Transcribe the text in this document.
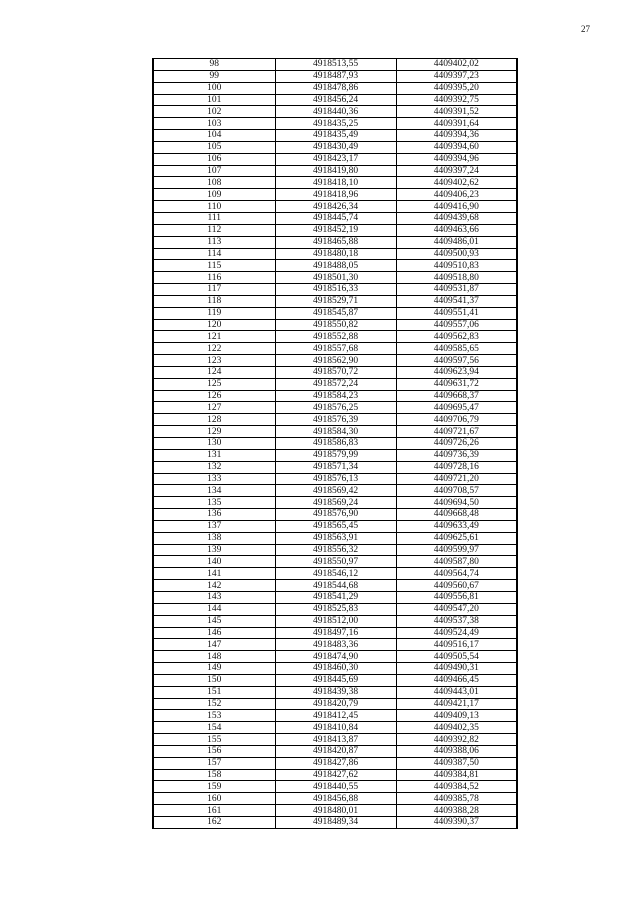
27
98	4918513,55	4409402,02
99	4918487,93	4409397,23
100	4918478,86	4409395,20
101	4918456,24	4409392,75
102	4918440,36	4409391,52
103	4918435,25	4409391,64
104	4918435,49	4409394,36
105	4918430,49	4409394,60
106	4918423,17	4409394,96
107	4918419,80	4409397,24
108	4918418,10	4409402,62
109	4918418,96	4409406,23
110	4918426,34	4409416,90
111	4918445,74	4409439,68
112	4918452,19	4409463,66
113	4918465,88	4409486,01
114	4918480,18	4409500,93
115	4918488,05	4409510,83
116	4918501,30	4409518,80
117	4918516,33	4409531,87
118	4918529,71	4409541,37
119	4918545,87	4409551,41
120	4918550,82	4409557,06
121	4918552,88	4409562,83
122	4918557,68	4409585,65
123	4918562,90	4409597,56
124	4918570,72	4409623,94
125	4918572,24	4409631,72
126	4918584,23	4409668,37
127	4918576,25	4409695,47
128	4918576,39	4409706,79
129	4918584,30	4409721,67
130	4918586,83	4409726,26
131	4918579,99	4409736,39
132	4918571,34	4409728,16
133	4918576,13	4409721,20
134	4918569,42	4409708,57
135	4918569,24	4409694,50
136	4918576,90	4409668,48
137	4918565,45	4409633,49
138	4918563,91	4409625,61
139	4918556,32	4409599,97
140	4918550,97	4409587,80
141	4918546,12	4409564,74
142	4918544,68	4409560,67
143	4918541,29	4409556,81
144	4918525,83	4409547,20
145	4918512,00	4409537,38
146	4918497,16	4409524,49
147	4918483,36	4409516,17
148	4918474,90	4409505,54
149	4918460,30	4409490,31
150	4918445,69	4409466,45
151	4918439,38	4409443,01
152	4918420,79	4409421,17
153	4918412,45	4409409,13
154	4918410,84	4409402,35
155	4918413,87	4409392,82
156	4918420,87	4409388,06
157	4918427,86	4409387,50
158	4918427,62	4409384,81
159	4918440,55	4409384,52
160	4918456,88	4409385,78
161	4918480,01	4409388,28
162	4918489,34	4409390,37
